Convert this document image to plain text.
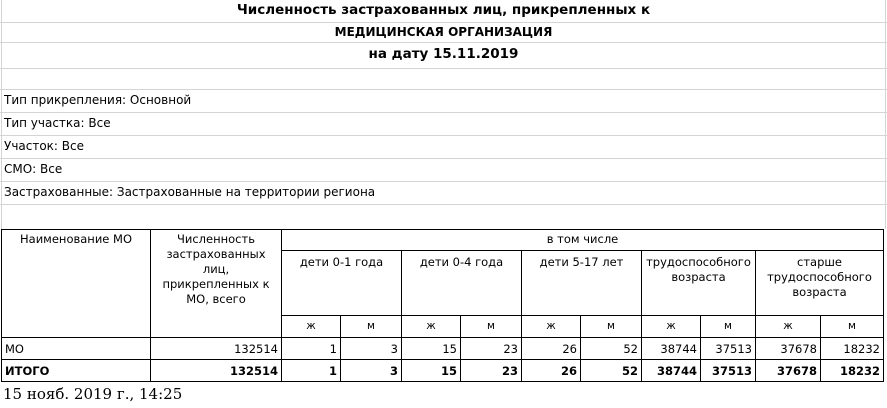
Численность застрахованных лиц, прикрепленных к
МЕДИЦИНСКАЯ ОРГАНИЗАЦИЯ
на дату 15.11.2019
Тип прикрепления: Основной
Тип участка: Все
Участок: Все
СМО: Все
Застрахованные: Застрахованные на территории региона
Наименование МО	Численность застрахованных лиц, прикрепленных к МО, всего	в том числе									
		дети 0-1 года		дети 0-4 года		дети 5-17 лет		трудоспособного возраста		старше трудоспособного возраста	
		ж	м	ж	м	ж	м	ж	м	ж	м
МО	132514	1	3	15	23	26	52	38744	37513	37678	18232
ИТОГО	132514	1	3	15	23	26	52	38744	37513	37678	18232
15 нояб. 2019 г., 14:25
